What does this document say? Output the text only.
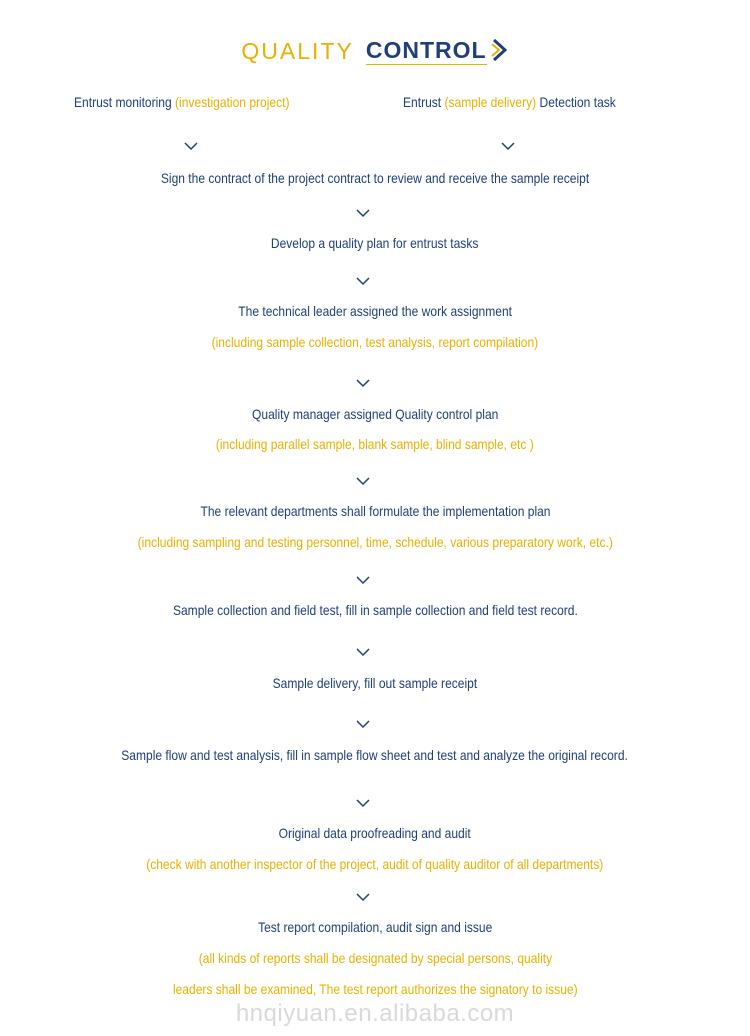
QUALITY CONTROL
Entrust monitoring (investigation project)	Entrust (sample delivery) Detection task
Sign the contract of the project contract to review and receive the sample receipt
Develop a quality plan for entrust tasks
The technical leader assigned the work assignment
(including sample collection, test analysis, report compilation)
Quality manager assigned Quality control plan
(including parallel sample, blank sample, blind sample, etc )
The relevant departments shall formulate the implementation plan
(including sampling and testing personnel, time, schedule, various preparatory work, etc.)
Sample collection and field test, fill in sample collection and field test record.
Sample delivery, fill out sample receipt
Sample flow and test analysis, fill in sample flow sheet and test and analyze the original record.
Original data proofreading and audit
(check with another inspector of the project, audit of quality auditor of all departments)
Test report compilation, audit sign and issue
(all kinds of reports shall be designated by special persons, quality
leaders shall be examined, The test report authorizes the signatory to issue)
hnqiyuan.en.alibaba.com
